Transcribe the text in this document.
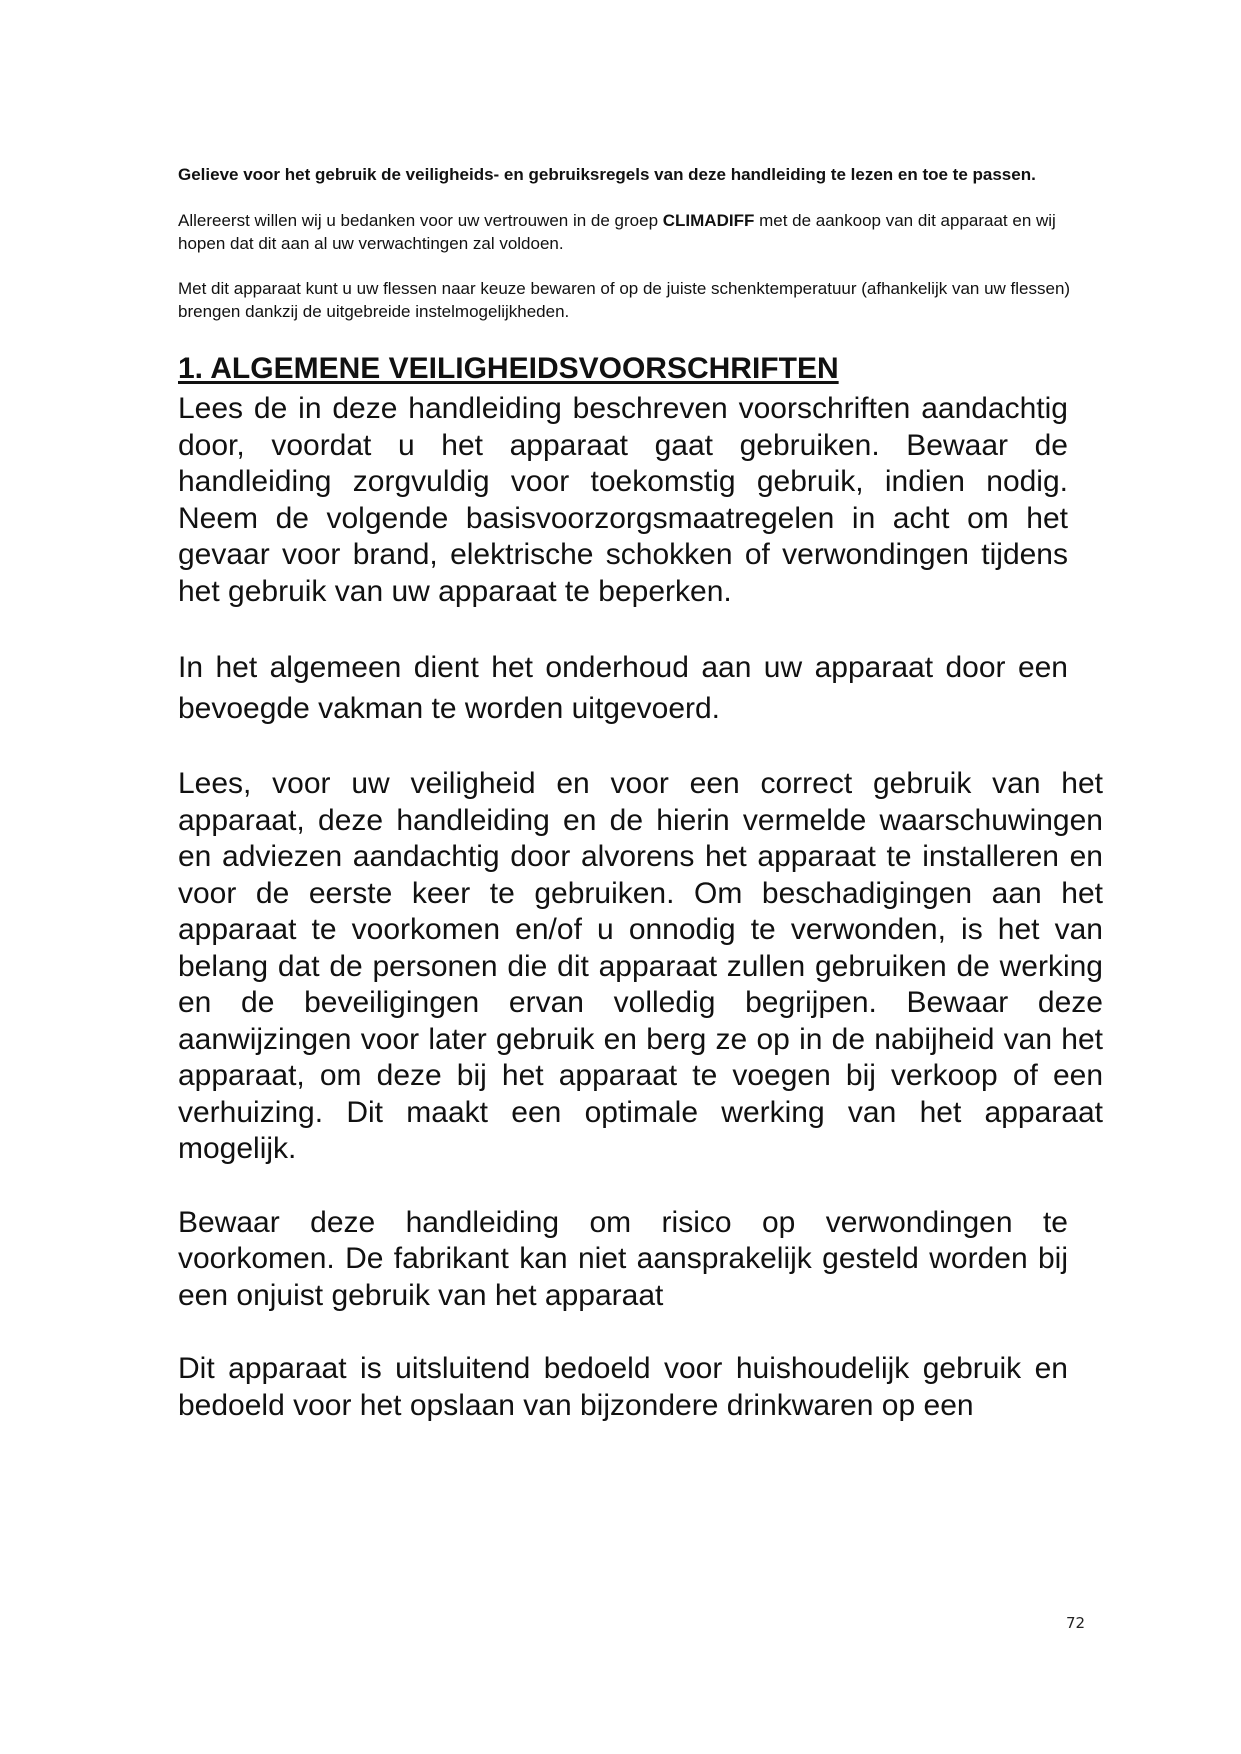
Gelieve voor het gebruik de veiligheids- en gebruiksregels van deze handleiding te lezen en toe te passen.

Allereerst willen wij u bedanken voor uw vertrouwen in de groep CLIMADIFF met de aankoop van dit apparaat en wij hopen dat dit aan al uw verwachtingen zal voldoen.

Met dit apparaat kunt u uw flessen naar keuze bewaren of op de juiste schenktemperatuur (afhankelijk van uw flessen) brengen dankzij de uitgebreide instelmogelijkheden.

1. ALGEMENE VEILIGHEIDSVOORSCHRIFTEN

Lees de in deze handleiding beschreven voorschriften aandachtig door, voordat u het apparaat gaat gebruiken. Bewaar de handleiding zorgvuldig voor toekomstig gebruik, indien nodig. Neem de volgende basisvoorzorgsmaatregelen in acht om het gevaar voor brand, elektrische schokken of verwondingen tijdens het gebruik van uw apparaat te beperken.

In het algemeen dient het onderhoud aan uw apparaat door een bevoegde vakman te worden uitgevoerd.

Lees, voor uw veiligheid en voor een correct gebruik van het apparaat, deze handleiding en de hierin vermelde waarschuwingen en adviezen aandachtig door alvorens het apparaat te installeren en voor de eerste keer te gebruiken. Om beschadigingen aan het apparaat te voorkomen en/of u onnodig te verwonden, is het van belang dat de personen die dit apparaat zullen gebruiken de werking en de beveiligingen ervan volledig begrijpen. Bewaar deze aanwijzingen voor later gebruik en berg ze op in de nabijheid van het apparaat, om deze bij het apparaat te voegen bij verkoop of een verhuizing. Dit maakt een optimale werking van het apparaat mogelijk.

Bewaar deze handleiding om risico op verwondingen te voorkomen. De fabrikant kan niet aansprakelijk gesteld worden bij een onjuist gebruik van het apparaat

Dit apparaat is uitsluitend bedoeld voor huishoudelijk gebruik en bedoeld voor het opslaan van bijzondere drinkwaren op een

72
